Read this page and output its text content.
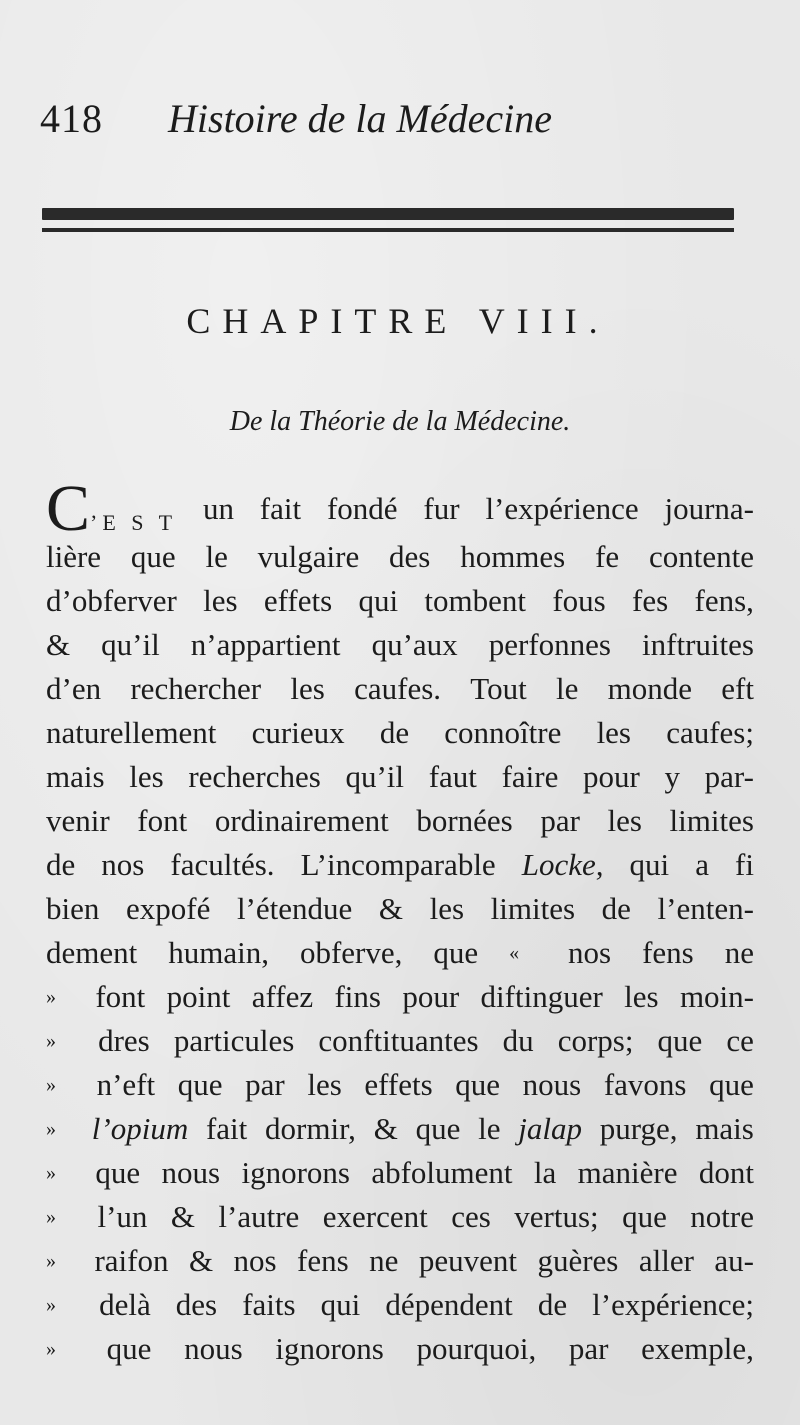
418 Histoire de la Médecine
CHAPITRE VIII.
De la Théorie de la Médecine.
C’E S T un fait fondé fur l’expérience journa-
lière que le vulgaire des hommes fe contente
d’obferver les effets qui tombent fous fes fens,
& qu’il n’appartient qu’aux perfonnes inftruites
d’en rechercher les caufes. Tout le monde eft
naturellement curieux de connoître les caufes;
mais les recherches qu’il faut faire pour y par-
venir font ordinairement bornées par les limites
de nos facultés. L’incomparable Locke, qui a fi
bien expofé l’étendue & les limites de l’enten-
dement humain, obferve, que «	nos fens ne
»	font point affez fins pour diftinguer les moin-
»	dres particules conftituantes du corps; que ce
»	n’eft que par les effets que nous favons que
»	l’opium fait dormir, & que le jalap purge, mais
»	que nous ignorons abfolument la manière dont
»	l’un & l’autre exercent ces vertus; que notre
»	raifon & nos fens ne peuvent guères aller au-
»	delà des faits qui dépendent de l’expérience;
»	que nous ignorons pourquoi, par exemple,
